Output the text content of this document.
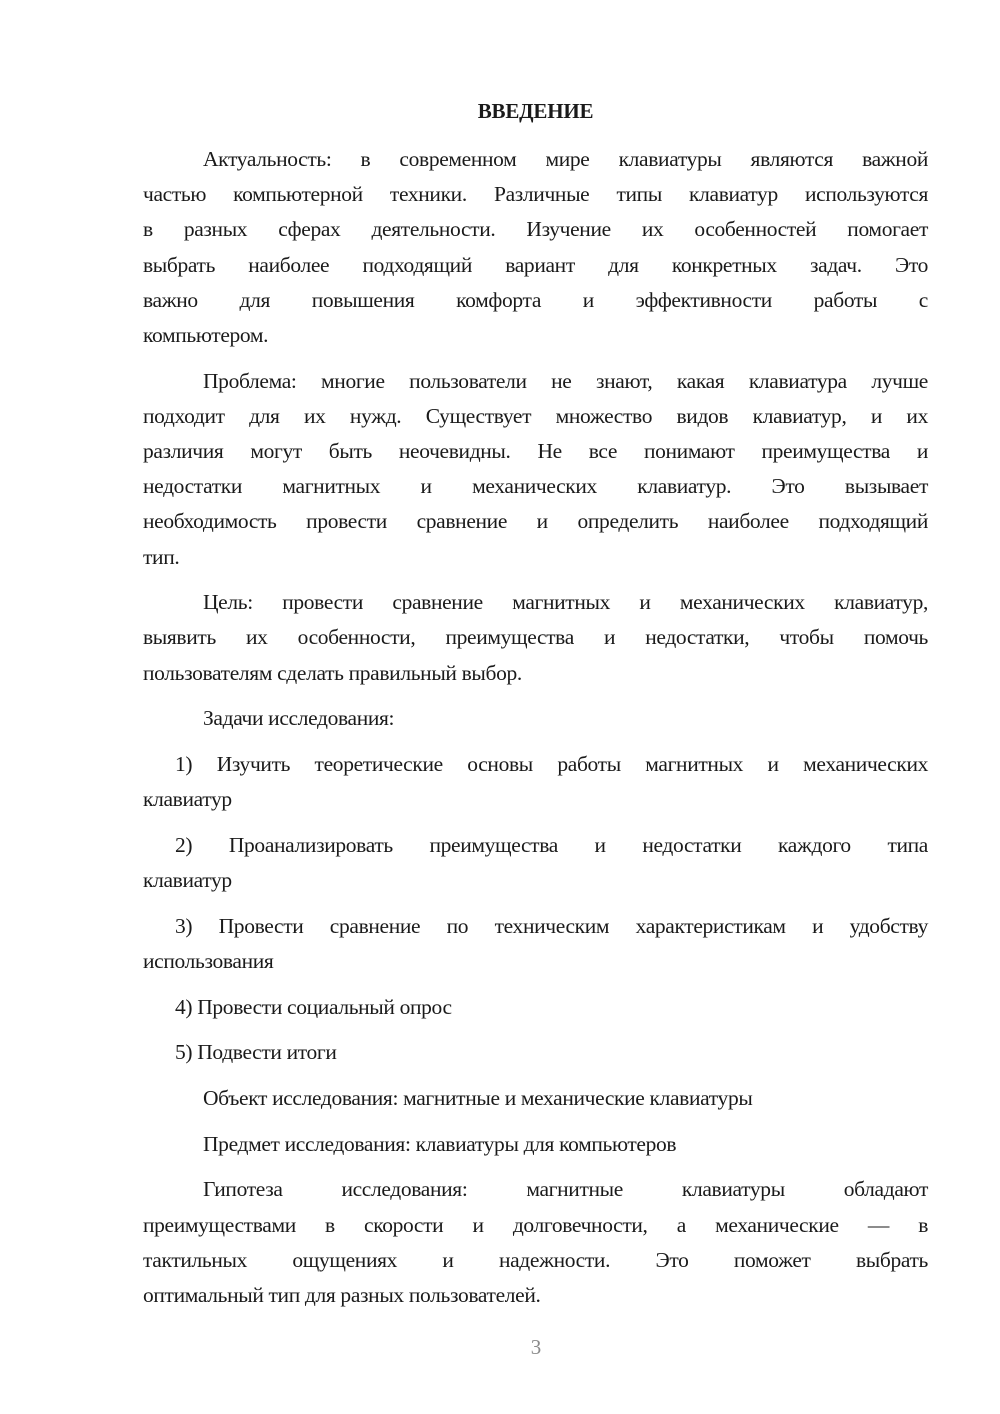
ВВЕДЕНИЕ
Актуальность: в современном мире клавиатуры являются важной
частью компьютерной техники. Различные типы клавиатур используются
в разных сферах деятельности. Изучение их особенностей помогает
выбрать наиболее подходящий вариант для конкретных задач. Это
важно для повышения комфорта и эффективности работы с
компьютером.
Проблема: многие пользователи не знают, какая клавиатура лучше
подходит для их нужд. Существует множество видов клавиатур, и их
различия могут быть неочевидны. Не все понимают преимущества и
недостатки магнитных и механических клавиатур. Это вызывает
необходимость провести сравнение и определить наиболее подходящий
тип.
Цель: провести сравнение магнитных и механических клавиатур,
выявить их особенности, преимущества и недостатки, чтобы помочь
пользователям сделать правильный выбор.
Задачи исследования:
1) Изучить теоретические основы работы магнитных и механических
клавиатур
2) Проанализировать преимущества и недостатки каждого типа
клавиатур
3) Провести сравнение по техническим характеристикам и удобству
использования
4) Провести социальный опрос
5) Подвести итоги
Объект исследования: магнитные и механические клавиатуры
Предмет исследования: клавиатуры для компьютеров
Гипотеза исследования: магнитные клавиатуры обладают
преимуществами в скорости и долговечности, а механические — в
тактильных ощущениях и надежности. Это поможет выбрать
оптимальный тип для разных пользователей.
3
